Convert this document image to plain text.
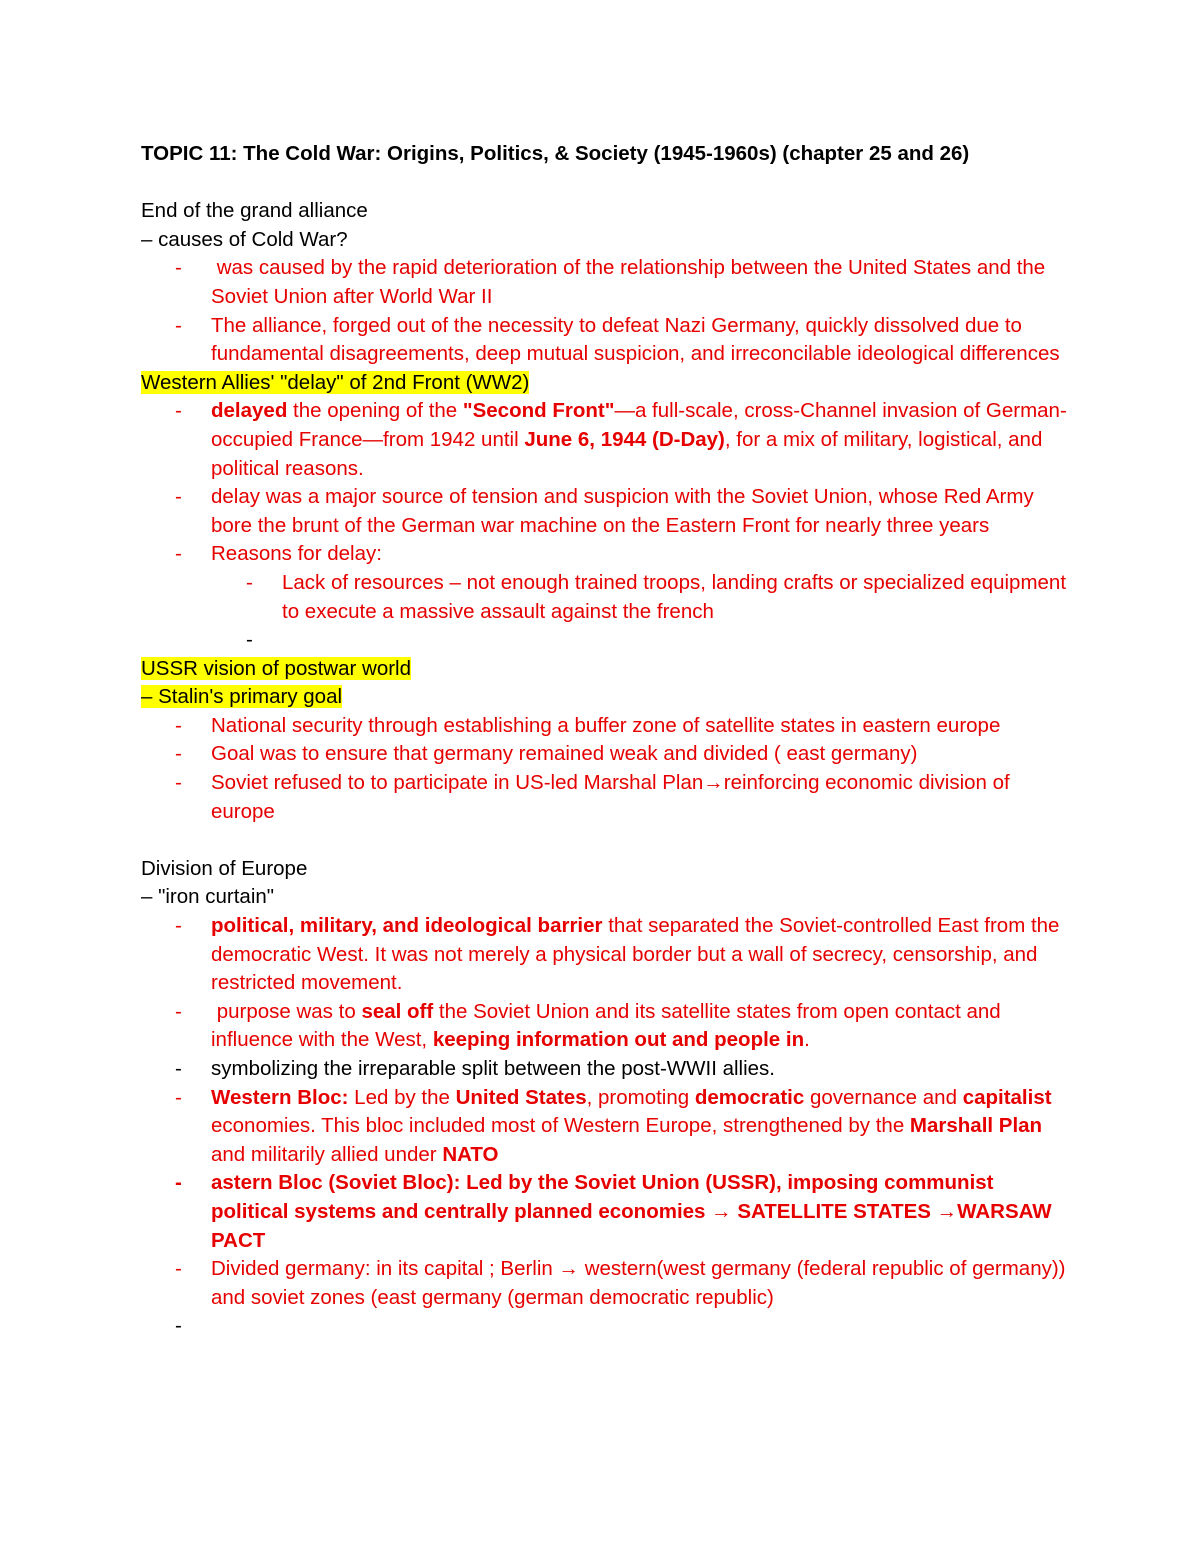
TOPIC 11: The Cold War: Origins, Politics, & Society (1945-1960s) (chapter 25 and 26)
End of the grand alliance
– causes of Cold War?
-	was caused by the rapid deterioration of the relationship between the United States and the Soviet Union after World War II
-	The alliance, forged out of the necessity to defeat Nazi Germany, quickly dissolved due to fundamental disagreements, deep mutual suspicion, and irreconcilable ideological differences
Western Allies' "delay" of 2nd Front (WW2)
-	delayed the opening of the "Second Front"—a full-scale, cross-Channel invasion of German-occupied France—from 1942 until June 6, 1944 (D-Day), for a mix of military, logistical, and political reasons.
-	delay was a major source of tension and suspicion with the Soviet Union, whose Red Army bore the brunt of the German war machine on the Eastern Front for nearly three years
-	Reasons for delay:
-	Lack of resources – not enough trained troops, landing crafts or specialized equipment to execute a massive assault against the french
-
USSR vision of postwar world
– Stalin's primary goal
-	National security through establishing a buffer zone of satellite states in eastern europe
-	Goal was to ensure that germany remained weak and divided ( east germany)
-	Soviet refused to to participate in US-led Marshal Plan→reinforcing economic division of europe
Division of Europe
– "iron curtain"
-	political, military, and ideological barrier that separated the Soviet-controlled East from the democratic West. It was not merely a physical border but a wall of secrecy, censorship, and restricted movement.
-	purpose was to seal off the Soviet Union and its satellite states from open contact and influence with the West, keeping information out and people in.
-	symbolizing the irreparable split between the post-WWII allies.
-	Western Bloc: Led by the United States, promoting democratic governance and capitalist economies. This bloc included most of Western Europe, strengthened by the Marshall Plan and militarily allied under NATO
-	astern Bloc (Soviet Bloc): Led by the Soviet Union (USSR), imposing communist political systems and centrally planned economies → SATELLITE STATES →WARSAW PACT
-	Divided germany: in its capital ; Berlin → western(west germany (federal republic of germany))  and soviet zones (east germany (german democratic republic)
-
